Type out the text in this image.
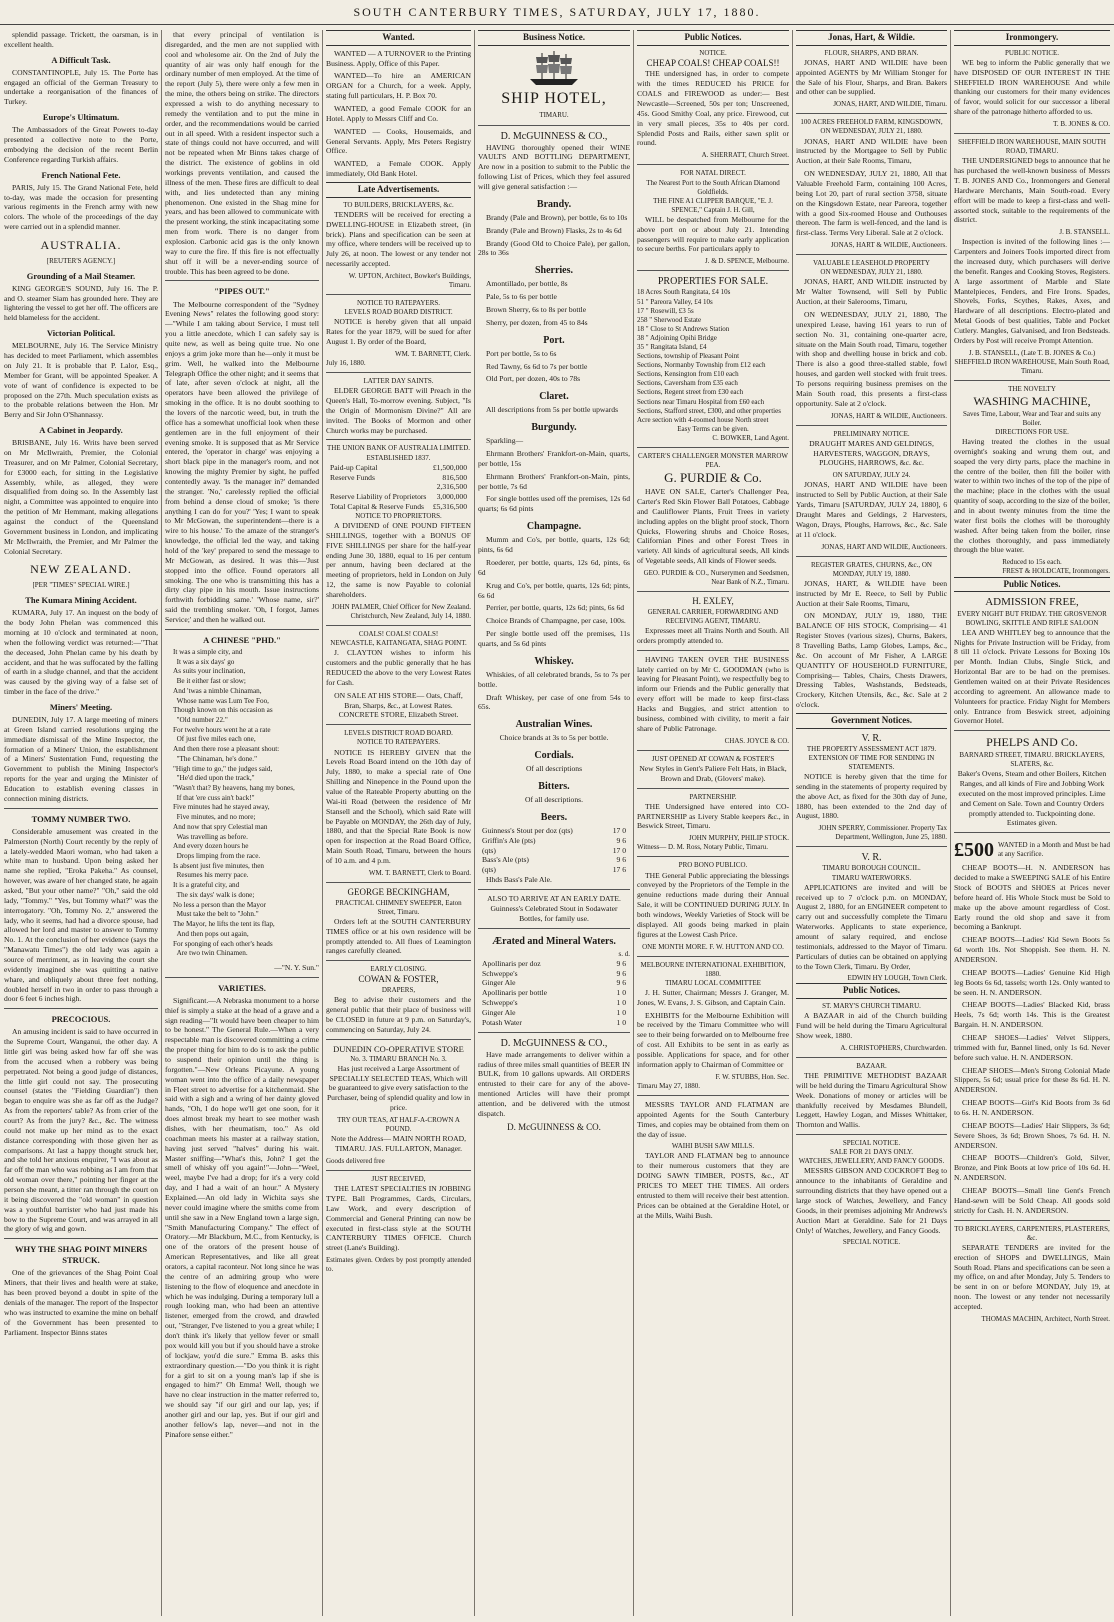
SOUTH CANTERBURY TIMES, SATURDAY, JULY 17, 1880.

splendid passage. Trickett, the oarsman, is in excellent health.

A Difficult Task.

CONSTANTINOPLE, July 15. The Porte has engaged an official of the German Treasury to undertake a reorganisation of the finances of Turkey.

Europe's Ultimatum.

The Ambassadors of the Great Powers to-day presented a collective note to the Porte, embodying the decision of the recent Berlin Conference regarding Turkish affairs.

French National Fete.

PARIS, July 15. The Grand National Fete, held to-day, was made the occasion for presenting various regiments in the French army with new colors. The whole of the proceedings of the day were carried out in a splendid manner.

AUSTRALIA.
[REUTER'S AGENCY.]
Grounding of a Mail Steamer.

KING GEORGE'S SOUND, July 16. The P. and O. steamer Siam has grounded here. They are lightering the vessel to get her off. The officers are held blameless for the accident.

Victorian Political.

MELBOURNE, July 16. The Service Ministry has decided to meet Parliament, which assembles on July 21. It is probable that P. Lalor, Esq., Member for Grant, will be appointed Speaker. A vote of want of confidence is expected to be proposed on the 27th. Much speculation exists as to the probable relations between the Hon. Mr Berry and Sir John O'Shannassy.

A Cabinet in Jeopardy.

BRISBANE, July 16. Writs have been served on Mr McIlwraith, Premier, the Colonial Treasurer, and on Mr Palmer, Colonial Secretary, for £3000 each, for sitting in the Legislative Assembly, while, as alleged, they were disqualified from doing so. In the Assembly last night, a Committee was appointed to enquire into the petition of Mr Hemmant, making allegations against the conduct of the Queensland Government business in London, and implicating Mr McIlwraith, the Premier, and Mr Palmer the Colonial Secretary.

NEW ZEALAND.
[PER "TIMES" SPECIAL WIRE.]
The Kumara Mining Accident.

KUMARA, July 17. An inquest on the body of the body John Phelan was commenced this morning at 10 o'clock and terminated at noon, when the following verdict was returned:—"That the deceased, John Phelan came by his death by accident, and that he was suffocated by the falling of earth in a sludge channel, and that the accident was caused by the giving way of a false set of timber in the face of the drive."

Miners' Meeting.

DUNEDIN, July 17. A large meeting of miners at Green Island carried resolutions urging the immediate dismissal of the Mine Inspector, the formation of a Miners' Union, the establishment of a Miners' Sustentation Fund, requesting the Government to publish the Mining Inspector's reports for the year and urging the Minister of Education to establish evening classes in connection mining districts.

TOMMY NUMBER TWO.

Considerable amusement was created in the Palmerston (North) Court recently by the reply of a lately-wedded Maori woman, who had taken a white man to husband. Upon being asked her name she replied, "Eroka Pakeha." As counsel, however, was aware of her changed state, he again asked, "But your other name?" "Oh," said the old lady, "Tommy." "Yes, but Tommy what?" was the interrogatory. "Oh, Tommy No. 2," answered the lady, who it seems, had had a divorce spouse, had allowed her lord and master to answer to Tommy No. 1. At the conclusion of her evidence (says the "Manawatu Times") the old lady was again a source of merriment, as in leaving the court she evidently imagined she was quitting a native whare, and obliquely about three feet nothing, doubled herself in two in order to pass through a door 6 feet 6 inches high.

PRECOCIOUS.

An amusing incident is said to have occurred in the Supreme Court, Wanganui, the other day. A little girl was being asked how far off she was from the accused when a robbery was being perpetrated. Not being a good judge of distances, the little girl could not say. The prosecuting counsel (states the "Fielding Guardian") then began to enquire was she as far off as the Judge? As from the reporters' table? As from crier of the court? As from the jury? &c., &c. The witness could not make up her mind as to the exact distance corresponding with those given her as comparisons. At last a happy thought struck her, and she told her anxious enquirer, "I was about as far off the man who was robbing as I am from that old woman over there," pointing her finger at the person she meant, a titter ran through the court on it being discovered the "old woman" in question was a youthful barrister who had just made his bow to the Supreme Court, and was arrayed in all the glory of wig and gown.

WHY THE SHAG POINT MINERS STRUCK.

One of the grievances of the Shag Point Coal Miners, that their lives and health were at stake, has been proved beyond a doubt in spite of the denials of the manager. The report of the Inspector who was instructed to examine the mine on behalf of the Government has been presented to Parliament. Inspector Binns states

that every principal of ventilation is disregarded, and the men are not supplied with cool and wholesome air. On the 2nd of July the quantity of air was only half enough for the ordinary number of men employed. At the time of the report (July 5), there were only a few men in the mine, the others being on strike. The directors expressed a wish to do anything necessary to remedy the ventilation and to put the mine in order, and the recommendations would be carried out in all speed. With a resident inspector such a state of things could not have occurred, and will not be repeated when Mr Binns takes charge of the district. The existence of goblins in old workings prevents ventilation, and caused the illness of the men. These fires are difficult to deal with, and lies undetected than any mining phenomenon. One existed in the Shag mine for years, and has been allowed to communicate with the present working, the stink incapacitating some men from work. There is no danger from explosion. Carbonic acid gas is the only known way to cure the fire. If this fire is not effectually shut off it will be a never-ending source of trouble. This has been agreed to be done.

"PIPES OUT."

The Melbourne correspondent of the "Sydney Evening News" relates the following good story:—"While I am taking about Service, I must tell you a little anecdote, which I can safely say is quite new, as well as being quite true. No one enjoys a grim joke more than he—only it must be grim. Well, he walked into the Melbourne Telegraph Office the other night; and it seems that of late, after seven o'clock at night, all the operators have been allowed the privilege of smoking in the office. It is no doubt soothing to the lovers of the narcotic weed, but, in truth the office has a somewhat unofficial look when these gentlemen are in the full enjoyment of their evening smoke. It is supposed that as Mr Service entered, the 'operator in charge' was enjoying a short black pipe in the manager's room, and not knowing the mighty Premier by sight, he puffed contentedly away. 'Is the manager in?' demanded the stranger. 'No,' carelessly replied the official from behind a dense cloud of smoke; 'is there anything I can do for you?' 'Yes; I want to speak to Mr McGowan, the superintendent—there is a wire to his house.' To the amaze of the stranger's knowledge, the official led the way, and taking hold of the 'key' prepared to send the message to Mr McGowan, as desired. It was this—'Just stopped into the office. Found operators all smoking. The one who is transmitting this has a dirty clay pipe in his mouth. Issue instructions forthwith forbidding same.' 'Whose name, sir?' said the trembling smoker. 'Oh, I forgot, James Service;' and then he walked out.

A CHINESE "PHD."
It was a simple city, and
It was a six days' go
As suits your inclination,
Be it either fast or slow;
And 'twas a nimble Chinaman,
Whose name was Lum Tee Foo,
Though known on this occasion as
"Old number 22."
For twelve hours went he at a rate
Of just five miles each one,
And then there rose a pleasant shout:
"The Chinaman, he's done."
"High time to go," the judges said,
"He'd died upon the track,"
"Wasn't that? By heavens, hang my bones,
If that 'ere cuss ain't back!"
Five minutes had he stayed away,
Five minutes, and no more;
And now that spry Celestial man
Was travelling as before.
And every dozen hours he
Drops limping from the race.
Is absent just five minutes, then
Resumes his merry pace.
It is a grateful city, and
The six days' walk is done;
No less a person than the Mayor
Must take the belt to "John."
The Mayor, he lifts the tent its flap,
And then pops out again,
For sponging of each other's heads
Are two twin Chinamen.
—"N. Y. Sun."
VARIETIES.

Significant.—A Nebraska monument to a horse thief is simply a stake at the head of a grave and a sign reading—"It would have been cheaper to him to be honest." The General Rule.—When a very respectable man is discovered committing a crime the proper thing for him to do is to ask the public to suspend their opinion until the thing is forgotten."—New Orleans Picayune. A young woman went into the office of a daily newspaper in Fleet street to advertise for a kitchenmaid. She said with a sigh and a wring of her dainty gloved hands, "Oh, I do hope we'll get one soon, for it does almost break my heart to see mother wash dishes, with her rheumatism, too." As old coachman meets his master at a railway station, having just served "halves" during his wait. Master sniffing—"What's this, John? I get the smell of whisky off you again!"—John—"Weel, weel, maybe I've had a drop; for it's a very cold day, and I had a wait of an hour." A Mystery Explained.—An old lady in Wichita says she never could imagine where the smiths come from until she saw in a New England town a large sign, "Smith Manufacturing Company." The effect of Oratory.—Mr Blackburn, M.C., from Kentucky, is one of the orators of the present house of American Representatives, and like all great orators, a capital raconteur. Not long since he was the centre of an admiring group who were listening to the flow of eloquence and anecdote in which he was indulging. During a temporary lull a rough looking man, who had been an attentive listener, emerged from the crowd, and drawled out, "Stranger, I've listened to you a great while; I don't think it's likely that yellow fever or small pox would kill you but if you should have a stroke of lockjaw, you'd die sure." Emma B. asks this extraordinary question.—"Do you think it is right for a girl to sit on a young man's lap if she is engaged to him?" Oh Emma! Well, though we have no clear instruction in the matter referred to, we should say "if our girl and our lap, yes; if another girl and our lap, yes. But if our girl and another fellow's lap, never—and not in the Pinafore sense either."

Wanted.

WANTED — A TURNOVER to the Printing Business. Apply, Office of this Paper.

WANTED—To hire an AMERICAN ORGAN for a Church, for a week. Apply, stating full particulars, H. P. Box 70.

WANTED, a good Female COOK for an Hotel. Apply to Messrs Cliff and Co.

WANTED — Cooks, Housemaids, and General Servants. Apply, Mrs Peters Registry Office.

WANTED, a Female COOK. Apply immediately, Old Bank Hotel.

Late Advertisements.
TO BUILDERS, BRICKLAYERS, &c.

TENDERS will be received for erecting a DWELLING-HOUSE in Elizabeth street, (in brick). Plans and specification can be seen at my office, where tenders will be received up to July 26, at noon. The lowest or any tender not necessarily accepted.

W. UPTON, Architect, Bowker's Buildings, Timaru.
NOTICE TO RATEPAYERS.
LEVELS ROAD BOARD DISTRICT.

NOTICE is hereby given that all unpaid Rates for the year 1879, will be sued for after August 1. By order of the Board,

WM. T. BARNETT, Clerk.
July 16, 1880.
LATTER DAY SAINTS.

ELDER GEORGE BATT will Preach in the Queen's Hall, To-morrow evening. Subject, "Is the Origin of Mormonism Divine?" All are invited. The Books of Mormon and other Church works may be purchased.

THE UNION BANK OF AUSTRALIA LIMITED.
ESTABLISHED 1837.
Paid-up Capital	£1,500,000
Reserve Funds	816,500
2,316,500
Reserve Liability of Proprietors 3,000,000
Total Capital & Reserve Funds £5,316,500
NOTICE TO PROPRIETORS.

A DIVIDEND of ONE POUND FIFTEEN SHILLINGS, together with a BONUS OF FIVE SHILLINGS per share for the half-year ending June 30, 1880, equal to 16 per centum per annum, having been declared at the meeting of proprietors, held in London on July 12, the same is now Payable to colonial shareholders.

JOHN PALMER, Chief Officer for New Zealand. Christchurch, New Zealand, July 14, 1880.
COALS! COALS! COALS!
NEWCASTLE, KAITANGATA, SHAG POINT.

J. CLAYTON wishes to inform his customers and the public generally that he has REDUCED the above to the very Lowest Rates for Cash.

ON SALE AT HIS STORE— Oats, Chaff, Bran, Sharps, &c., at Lowest Rates. CONCRETE STORE, Elizabeth Street.

LEVELS DISTRICT ROAD BOARD.
NOTICE TO RATEPAYERS.

NOTICE IS HEREBY GIVEN that the Levels Road Board intend on the 10th day of July, 1880, to make a special rate of One Shilling and Ninepence in the Pound upon the value of the Rateable Property abutting on the Wai-iti Road (between the residence of Mr Stansell and the School), which said Rate will be Payable on MONDAY, the 26th day of July, 1880, and that the Special Rate Book is now open for inspection at the Road Board Office, Main South Road, Timaru, between the hours of 10 a.m. and 4 p.m.

WM. T. BARNETT, Clerk to Board.
GEORGE BECKINGHAM,
PRACTICAL CHIMNEY SWEEPER, Eaton Street, Timaru.

Orders left at the SOUTH CANTERBURY TIMES office or at his own residence will be promptly attended to. All flues of Leamington ranges carefully cleaned.

EARLY CLOSING.
COWAN & FOSTER,
DRAPERS,

Beg to advise their customers and the general public that their place of business will be CLOSED in future at 9 p.m. on Saturday's, commencing on Saturday, July 24.

DUNEDIN CO-OPERATIVE STORE
No. 3. TIMARU BRANCH No. 3.

Has just received a Large Assortment of SPECIALLY SELECTED TEAS, Which will be guaranteed to give every satisfaction to the Purchaser, being of splendid quality and low in price.

TRY OUR TEAS, AT HALF-A-CROWN A POUND.

Note the Address— MAIN NORTH ROAD, TIMARU. JAS. FULLARTON, Manager.

Goods delivered free
JUST RECEIVED,

THE LATEST SPECIALTIES IN JOBBING TYPE. Ball Programmes, Cards, Circulars, Law Work, and every description of Commercial and General Printing can now be executed in first-class style at the SOUTH CANTERBURY TIMES OFFICE. Church street (Lane's Building).

Estimates given. Orders by post promptly attended to.
Business Notice.
SHIP HOTEL,
TIMARU.
D. McGUINNESS & CO.,

HAVING thoroughly opened their WINE VAULTS AND BOTTLING DEPARTMENT, Are now in a position to submit to the Public the following List of Prices, which they feel assured will give general satisfaction :—

Brandy.

Brandy (Pale and Brown), per bottle, 6s to 10s

Brandy (Pale and Brown) Flasks, 2s to 4s 6d

Brandy (Good Old to Choice Pale), per gallon, 28s to 36s

Sherries.

Amontillado, per bottle, 8s

Pale, 5s to 6s per bottle

Brown Sherry, 6s to 8s per bottle

Sherry, per dozen, from 45 to 84s

Port.

Port per bottle, 5s to 6s

Red Tawny, 6s 6d to 7s per bottle

Old Port, per dozen, 40s to 78s

Claret.

All descriptions from 5s per bottle upwards

Burgundy.

Sparkling—

Ehrmann Brothers' Frankfort-on-Main, quarts, per bottle, 15s

Ehrmann Brothers' Frankfort-on-Main, pints, per bottle, 7s 6d

For single bottles used off the premises, 12s 6d quarts; 6s 6d pints

Champagne.

Mumm and Co's, per bottle, quarts, 12s 6d; pints, 6s 6d

Roederer, per bottle, quarts, 12s 6d, pints, 6s 6d

Krug and Co's, per bottle, quarts, 12s 6d; pints, 6s 6d

Perrier, per bottle, quarts, 12s 6d; pints, 6s 6d

Choice Brands of Champagne, per case, 100s.

Per single bottle used off the premises, 11s quarts, and 5s 6d pints

Whiskey.

Whiskies, of all celebrated brands, 5s to 7s per bottle.

Draft Whiskey, per case of one from 54s to 65s.

Australian Wines.

Choice brands at 3s to 5s per bottle.

Cordials.

Of all descriptions

Bitters.

Of all descriptions.

Beers.
Guinness's Stout per doz (qts)	17 0
Griffin's Ale (pts)	9 6
(qts)	17 0
Bass's Ale (pts)	9 6
(qts)	17 6

Hhds Bass's Pale Ale.

ALSO TO ARRIVE AT AN EARLY DATE. Guinness's Celebrated Stout in Sodawater Bottles, for family use.

Ærated and Mineral Waters.
s. d.
Apollinaris per doz	9 6
Schweppe's	9 6
Ginger Ale	9 6
Apollinaris per bottle	1 0
Schweppe's	1 0
Ginger Ale	1 0
Potash Water	1 0
D. McGUINNESS & CO.,

Have made arrangements to deliver within a radius of three miles small quantities of BEER IN BULK, from 10 gallons upwards. All ORDERS entrusted to their care for any of the above-mentioned Articles will have their prompt attention, and be delivered with the utmost dispatch.

D. McGUINNESS & CO.
Public Notices.
NOTICE.
CHEAP COALS! CHEAP COALS!!

THE undersigned has, in order to compete with the times REDUCED his PRICE for COALS and FIREWOOD as under:— Best Newcastle—Screened, 50s per ton; Unscreened, 45s. Good Smithy Coal, any price. Firewood, cut in very small pieces, 35s to 40s per cord. Splendid Posts and Rails, either sawn split or round.

A. SHERRATT, Church Street.
FOR NATAL DIRECT.
The Nearest Port to the South African Diamond Goldfields.
THE FINE A1 CLIPPER BARQUE, "E. J. SPENCE," Captain J. H. Gill,

WILL be despatched from Melbourne for the above port on or about July 21. Intending passengers will require to make early application to secure berths. For particulars apply to

J. & D. SPENCE, Melbourne.
PROPERTIES FOR SALE.
18 Acres South Rangitata, £4 10s
51 " Pareora Valley, £4 10s
17 " Rosewill, £3 5s
258 " Sherwood Estate
18 " Close to St Andrews Station
38 " Adjoining Opihi Bridge
35 " Rangitata Island, £4
Sections, township of Pleasant Point
Sections, Normanby Township from £12 each
Sections, Kensington from £10 each
Sections, Caversham from £35 each
Sections, Regent street from £30 each
Sections near Timaru Hospital from £60 each
Sections, Stafford street, £300, and other properties
Acre section with 4-roomed house North street
Easy Terms can be given.
C. BOWKER, Land Agent.
CARTER'S CHALLENGER MONSTER MARROW PEA.
G. PURDIE & Co.

HAVE ON SALE, Carter's Challenger Pea, Carter's Red Skin Flower Ball Potatoes, Cabbage and Cauliflower Plants, Fruit Trees in variety including apples on the blight proof stock, Thorn Quicks, Flowering shrubs and Choice Roses, Californian Pines and other Forest Trees in variety. All kinds of agricultural seeds, All kinds of Vegetable seeds, All kinds of Flower seeds.

GEO. PURDIE & CO., Nurserymen and Seedsmen, Near Bank of N.Z., Timaru.
H. EXLEY,
GENERAL CARRIER, FORWARDING AND RECEIVING AGENT, TIMARU.

Expresses meet all Trains North and South. All orders promptly attended to.

HAVING TAKEN OVER THE BUSINESS lately carried on by Mr C. GOODMAN (who is leaving for Pleasant Point), we respectfully beg to inform our Friends and the Public generally that every effort will be made to keep first-class Hacks and Buggies, and strict attention to business, combined with civility, to merit a fair share of Public Patronage.

CHAS. JOYCE & CO.
JUST OPENED AT COWAN & FOSTER'S

New Styles in Gent's Paliere Felt Hats, in Black, Brown and Drab, (Glovers' make).

PARTNERSHIP.

THE Undersigned have entered into CO-PARTNERSHIP as Livery Stable keepers &c., in Beswick Street, Timaru.

JOHN MURPHY, PHILIP STOCK.
Witness— D. M. Ross, Notary Public, Timaru.
PRO BONO PUBLICO.

THE General Public appreciating the blessings conveyed by the Proprietors of the Temple in the genuine reductions made during their Annual Sale, it will be CONTINUED DURING JULY. In both windows, Weekly Varieties of Stock will be displayed. All goods being marked in plain figures at the Lowest Cash Price.

ONE MONTH MORE. F. W. HUTTON AND CO.
MELBOURNE INTERNATIONAL EXHIBITION, 1880.
TIMARU LOCAL COMMITTEE

J. H. Sutter, Chairman; Messrs J. Granger, M. Jones, W. Evans, J. S. Gibson, and Captain Cain.

EXHIBITS for the Melbourne Exhibition will be received by the Timaru Committee who will see to their being forwarded on to Melbourne free of cost. All Exhibits to be sent in as early as possible. Applications for space, and for other information apply to Chairman of Committee or

F. W. STUBBS, Hon. Sec.
Timaru May 27, 1880.

MESSRS TAYLOR AND FLATMAN are appointed Agents for the South Canterbury Times, and copies may be obtained from them on the day of issue.

WAIHI BUSH SAW MILLS.

TAYLOR AND FLATMAN beg to announce to their numerous customers that they are DOING SAWN TIMBER, POSTS, &c., AT PRICES TO MEET THE TIMES. All orders entrusted to them will receive their best attention. Prices can be obtained at the Geraldine Hotel, or at the Mills, Waihi Bush.

Jonas, Hart, & Wildie.
FLOUR, SHARPS, AND BRAN.

JONAS, HART AND WILDIE have been appointed AGENTS by Mr William Stonger for the Sale of his Flour, Sharps, and Bran. Bakers and other can be supplied.

JONAS, HART, AND WILDIE, Timaru.
100 ACRES FREEHOLD FARM, KINGSDOWN,
ON WEDNESDAY, JULY 21, 1880.

JONAS, HART AND WILDIE have been instructed by the Mortgagee to Sell by Public Auction, at their Sale Rooms, Timaru,

ON WEDNESDAY, JULY 21, 1880, All that Valuable Freehold Farm, containing 100 Acres, being Lot 20, part of rural section 3758, situate on the Kingsdown Estate, near Pareora, together with a good Six-roomed House and Outhouses thereon. The farm is well-fenced, and the land is first-class. Terms Very Liberal. Sale at 2 o'clock.

JONAS, HART & WILDIE, Auctioneers.
VALUABLE LEASEHOLD PROPERTY
ON WEDNESDAY, JULY 21, 1880.

JONAS, HART, AND WILDIE instructed by Mr Walter Townsend, will Sell by Public Auction, at their Salerooms, Timaru,

ON WEDNESDAY, JULY 21, 1880, The unexpired Lease, having 161 years to run of section No. 31, containing one-quarter acre, situate on the Main South road, Timaru, together with shop and dwelling house in brick and cob. There is also a good three-stalled stable, fowl houses, and garden well stocked with fruit trees. To persons requiring business premises on the Main South road, this presents a first-class opportunity. Sale at 2 o'clock.

JONAS, HART & WILDIE, Auctioneers.
PRELIMINARY NOTICE.

DRAUGHT MARES AND GELDINGS, HARVESTERS, WAGGON, DRAYS, PLOUGHS, HARROWS, &c. &c.

ON SATURDAY, JULY 24.

JONAS, HART AND WILDIE have been instructed to Sell by Public Auction, at their Sale Yards, Timaru [SATURDAY, JULY 24, 1880], 6 Draught Mares and Geldings, 2 Harvesters, Wagon, Drays, Ploughs, Harrows, &c., &c. Sale at 11 o'clock.

JONAS, HART AND WILDIE, Auctioneers.
REGISTER GRATES, CHURNS, &c., ON MONDAY, JULY 19, 1880.

JONAS, HART, & WILDIE have been instructed by Mr E. Reece, to Sell by Public Auction at their Sale Rooms, Timaru,

ON MONDAY, JULY 19, 1880, THE BALANCE OF HIS STOCK, Comprising— 41 Register Stoves (various sizes), Churns, Bakers, 8 Travelling Baths, Lamp Globes, Lamps, &c., &c. On account of Mr Fisher, A LARGE QUANTITY OF HOUSEHOLD FURNITURE, Comprising— Tables, Chairs, Chests Drawers, Dressing Tables, Washstands, Bedsteads, Crockery, Kitchen Utensils, &c., &c. Sale at 2 o'clock.

Government Notices.
V. R.
THE PROPERTY ASSESSMENT ACT 1879.
EXTENSION OF TIME FOR SENDING IN STATEMENTS.

NOTICE is hereby given that the time for sending in the statements of property required by the above Act, as fixed for the 30th day of June, 1880, has been extended to the 2nd day of August, 1880.

JOHN SPERRY, Commissioner. Property Tax Department, Wellington, June 25, 1880.
V. R.
TIMARU BOROUGH COUNCIL.
TIMARU WATERWORKS.

APPLICATIONS are invited and will be received up to 7 o'clock p.m. on MONDAY, August 2, 1880, for an ENGINEER competent to carry out and successfully complete the Timaru Waterworks. Applicants to state experience, amount of salary required, and enclose testimonials, addressed to the Mayor of Timaru. Particulars of duties can be obtained on applying to the Town Clerk, Timaru. By Order,

EDWIN HY LOUGH, Town Clerk.
Public Notices.
ST. MARY'S CHURCH TIMARU.

A BAZAAR in aid of the Church building Fund will be held during the Timaru Agricultural Show week, 1880.

A. CHRISTOPHERS, Churchwarden.
BAZAAR.

THE PRIMITIVE METHODIST BAZAAR will be held during the Timaru Agricultural Show Week. Donations of money or articles will be thankfully received by Mesdames Blundell, Leggett, Hawley Logan, and Misses Whittaker, Thornton and Wallis.

SPECIAL NOTICE.
SALE FOR 21 DAYS ONLY.
WATCHES, JEWELLERY, AND FANCY GOODS.

MESSRS GIBSON AND COCKROFT Beg to announce to the inhabitants of Geraldine and surrounding districts that they have opened out a large stock of Watches, Jewellery, and Fancy Goods, in their premises adjoining Mr Andrews's Auction Mart at Geraldine. Sale for 21 Days Only! of Watches, Jewellery, and Fancy Goods.

SPECIAL NOTICE.
Ironmongery.
PUBLIC NOTICE.

WE beg to inform the Public generally that we have DISPOSED OF OUR INTEREST IN THE SHEFFIELD IRON WAREHOUSE And while thanking our customers for their many evidences of favor, would solicit for our successor a liberal share of the patronage hitherto afforded to us.

T. B. JONES & CO.
SHEFFIELD IRON WAREHOUSE, MAIN SOUTH ROAD, TIMARU.

THE UNDERSIGNED begs to announce that he has purchased the well-known business of Messrs T. B. JONES AND Co., Ironmongers and General Hardware Merchants, Main South-road. Every effort will be made to keep a first-class and well-assorted stock, suitable to the requirements of the district.

J. B. STANSELL.

Inspection is invited of the following lines :— Carpenters and Joiners Tools imported direct from the increased duty, which purchasers will derive the benefit. Ranges and Cooking Stoves, Registers. A large assortment of Marble and Slate Mantelpieces, Fenders, and Fire Irons. Spades, Shovels, Forks, Scythes, Rakes, Axes, and Hardware of all descriptions. Electro-plated and Metal Goods of best qualities, Table and Pocket Cutlery. Mangles, Galvanised, and Iron Bedsteads. Orders by Post will receive Prompt Attention.

J. B. STANSELL, (Late T. B. JONES & Co.) SHEFFIELD IRON WAREHOUSE, Main South Road, Timaru.
THE NOVELTY
WASHING MACHINE,
Saves Time, Labour, Wear and Tear and suits any Boiler.
DIRECTIONS FOR USE.

Having treated the clothes in the usual overnight's soaking and wrung them out, and soaped the very dirty parts, place the machine in the centre of the boiler, then fill the boiler with water to within two inches of the top of the pipe of the machine; place in the clothes with the usual quantity of soap, according to the size of the boiler, and in about twenty minutes from the time the water first boils the clothes will be thoroughly washed. After being taken from the boiler, rinse the clothes thoroughly, and pass immediately through the blue water.

Reduced to 15s each.
FREST & HOLDCATE, Ironmongers.
Public Notices.
ADMISSION FREE,
EVERY NIGHT BUT FRIDAY. THE GROSVENOR BOWLING, SKITTLE AND RIFLE SALOON

LEA AND WHITLEY beg to announce that the Nights for Private Instruction will be Friday, from 8 till 11 o'clock. Private Lessons for Boxing 10s per Month. Indian Clubs, Single Stick, and Horizontal Bar are to be had on the premises. Gentlemen waited on at their Private Residences according to agreement. An allowance made to Volunteers for practice. Friday Night for Members only. Entrance from Beswick street, adjoining Governor Hotel.

PHELPS AND Co.
BARNARD STREET, TIMARU. BRICKLAYERS, SLATERS, &c.

Baker's Ovens, Steam and other Boilers, Kitchen Ranges, and all kinds of Fire and Jobbing Work executed on the most improved principles. Lime and Cement on Sale. Town and Country Orders promptly attended to. Tuckpointing done. Estimates given.

£500 WANTED in a Month and Must be had at any Sacrifice.

CHEAP BOOTS—H. N. ANDERSON has decided to make a SWEEPING SALE of his Entire Stock of BOOTS and SHOES at Prices never before heard of. His Whole Stock must be Sold to make up the above amount regardless of Cost. Early round the old shop and save it from becoming a Bankrupt.

CHEAP BOOTS—Ladies' Kid Sewn Boots 5s 6d worth 10s. Not Shoppish. See them. H. N. ANDERSON.

CHEAP BOOTS—Ladies' Genuine Kid High leg Boots 6s 6d, tassels; worth 12s. Only wanted to be seen. H. N. ANDERSON.

CHEAP BOOTS—Ladies' Blacked Kid, brass Heels, 7s 6d; worth 14s. This is the Greatest Bargain. H. N. ANDERSON.

CHEAP SHOES—Ladies' Velvet Slippers, trimmed with fur, Bannel lined, only 1s 6d. Never before such value. H. N. ANDERSON.

CHEAP SHOES—Men's Strong Colonial Made Slippers, 5s 6d; usual price for these 8s 6d. H. N. ANDERSON.

CHEAP BOOTS—Girl's Kid Boots from 3s 6d to 6s. H. N. ANDERSON.

CHEAP BOOTS—Ladies' Hair Slippers, 3s 6d; Severe Shoes, 3s 6d; Brown Shoes, 7s 6d. H. N. ANDERSON.

CHEAP BOOTS—Children's Gold, Silver, Bronze, and Pink Boots at low price of 10s 6d. H. N. ANDERSON.

CHEAP BOOTS—Small line Gent's French Hand-sewn will be Sold Cheap. All goods sold strictly for Cash. H. N. ANDERSON.

TO BRICKLAYERS, CARPENTERS, PLASTERERS, &c.

SEPARATE TENDERS are invited for the erection of SHOPS and DWELLINGS, Main South Road. Plans and specifications can be seen a my office, on and after Monday, July 5. Tenders to be sent in on or before MONDAY, July 19, at noon. The lowest or any tender not necessarily accepted.

THOMAS MACHIN, Architect, North Street.
